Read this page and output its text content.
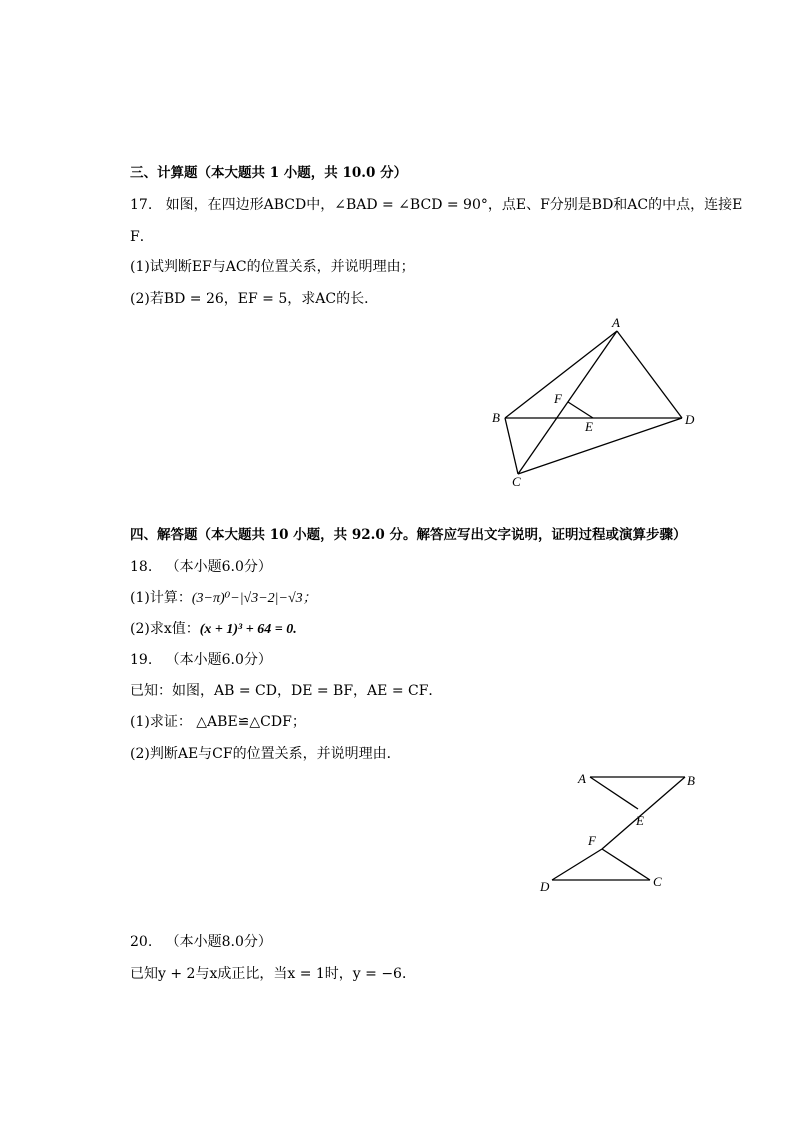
三、计算题（本大题共 1 小题，共 10.0 分）
17. 如图，在四边形ABCD中，∠BAD = ∠BCD = 90°，点E、F分别是BD和AC的中点，连接E
F．
(1)试判断EF与AC的位置关系，并说明理由；
(2)若BD = 26，EF = 5，求AC的长．
A
B
C
D
E
F
四、解答题（本大题共 10 小题，共 92.0 分。解答应写出文字说明，证明过程或演算步骤）
18. （本小题6.0分）
(1)计算：(3−π)⁰−|√3−2|−√3；
(2)求x值：(x + 1)³ + 64 = 0.
19. （本小题6.0分）
已知：如图，AB = CD，DE = BF，AE = CF．
(1)求证： △ABE≌△CDF；
(2)判断AE与CF的位置关系，并说明理由．
A	B
C
D
E
F
20. （本小题8.0分）
已知y + 2与x成正比，当x = 1时，y = −6．
